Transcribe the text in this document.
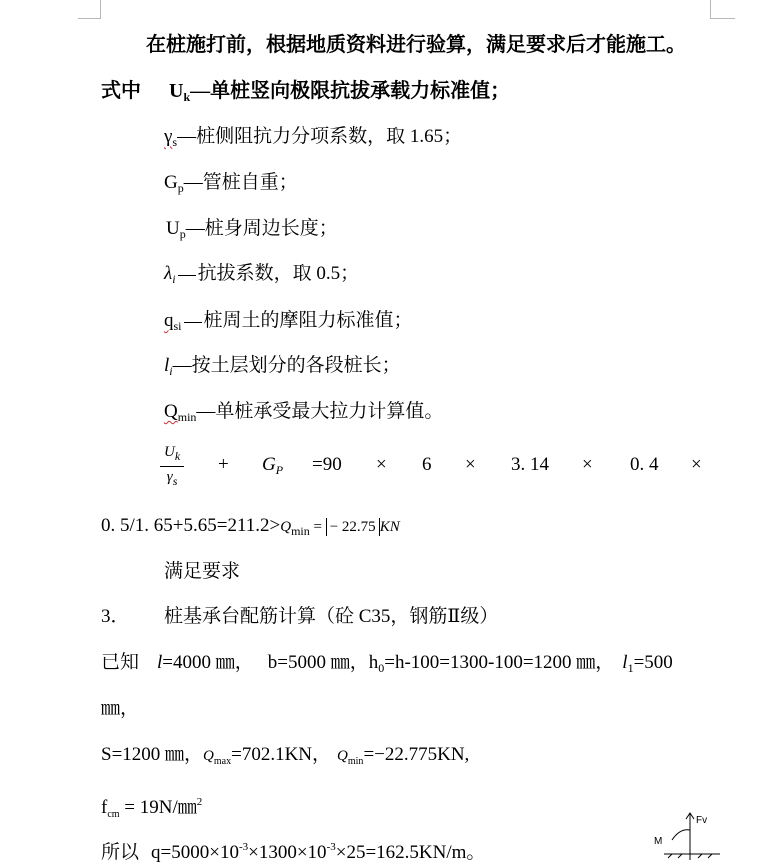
在桩施打前，根据地质资料进行验算，满足要求后才能施工。
式中 $U_k—$单桩竖向极限抗拔承载力标准值；
$\gamma_s—$桩侧阻抗力分项系数，取 1.65；
$G_p—$管桩自重；
$U_p—$桩身周边长度；
$\lambda_i$ 抗拔系数，取 0.5；
$q_{si}$ 桩周土的摩阻力标准值；
$l_i—$按土层划分的各段桩长；
$Q_{min}—$单桩承受最大拉力计算值。
$\frac{U_k}{\gamma_s} + G_P =90 \times 6 \times 3$. 14 × 0. 4 ×
0. 5/1. $65+5.65=211.2>Q_{min}$ = − 22.75 KN
满足要求
3． 桩基承台配筋计算（砼 C35，钢筋Ⅱ级）
已知 l=4000 ㎜， b=5000 ㎜，$h_0=h-100=1300-100=1200$ ㎜， $l_1=500$
㎜，
S=1200 ㎜，$Q_{max}=702.1KN$， $Q_{min}=-22.775KN$,
$f_{cm}$ = 19N/㎜$^2$
所以 $q=5000\times 10^{-3}\times 1300\times 10^{-3}\times 25=162.5KN/m$。
Fv
M
